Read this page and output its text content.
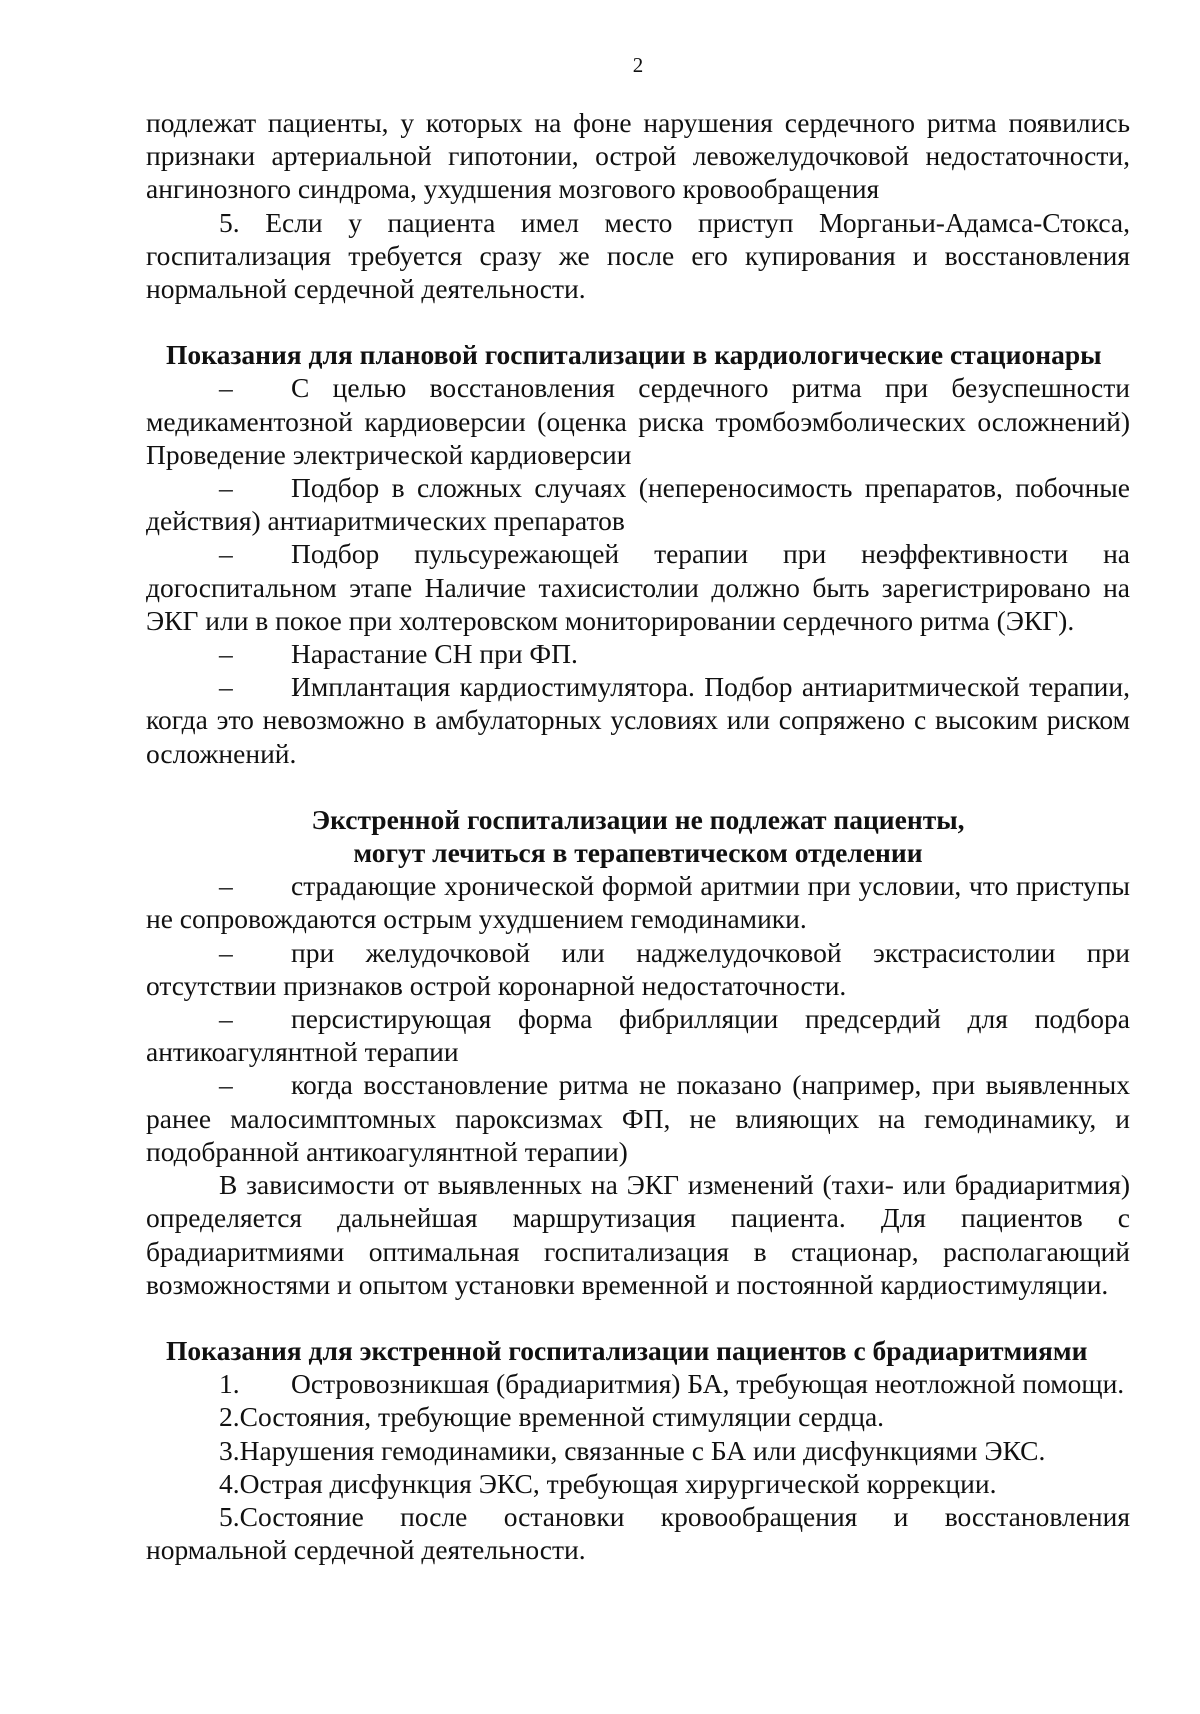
2

подлежат пациенты, у которых на фоне нарушения сердечного ритма появились признаки артериальной гипотонии, острой левожелудочковой недостаточности, ангинозного синдрома, ухудшения мозгового кровообращения

5. Если у пациента имел место приступ Морганьи-Адамса-Стокса, госпитализация требуется сразу же после его купирования и восстановления нормальной сердечной деятельности.

Показания для плановой госпитализации в кардиологические стационары

– С целью восстановления сердечного ритма при безуспешности медикаментозной кардиоверсии (оценка риска тромбоэмболических осложнений) Проведение электрической кардиоверсии

– Подбор в сложных случаях (непереносимость препаратов, побочные действия) антиаритмических препаратов

– Подбор пульсурежающей терапии при неэффективности на догоспитальном этапе Наличие тахисистолии должно быть зарегистрировано на ЭКГ или в покое при холтеровском мониторировании сердечного ритма (ЭКГ).

– Нарастание СН при ФП.

– Имплантация кардиостимулятора. Подбор антиаритмической терапии, когда это невозможно в амбулаторных условиях или сопряжено с высоким риском осложнений.

Экстренной госпитализации не подлежат пациенты,
могут лечиться в терапевтическом отделении

– страдающие хронической формой аритмии при условии, что приступы не сопровождаются острым ухудшением гемодинамики.

– при желудочковой или наджелудочковой экстрасистолии при отсутствии признаков острой коронарной недостаточности.

– персистирующая форма фибрилляции предсердий для подбора антикоагулянтной терапии

– когда восстановление ритма не показано (например, при выявленных ранее малосимптомных пароксизмах ФП, не влияющих на гемодинамику, и подобранной антикоагулянтной терапии)

В зависимости от выявленных на ЭКГ изменений (тахи- или брадиаритмия) определяется дальнейшая маршрутизация пациента. Для пациентов с брадиаритмиями оптимальная госпитализация в стационар, располагающий возможностями и опытом установки временной и постоянной кардиостимуляции.

Показания для экстренной госпитализации пациентов с брадиаритмиями

1. Островозникшая (брадиаритмия) БА, требующая неотложной помощи.

2.Состояния, требующие временной стимуляции сердца.

3.Нарушения гемодинамики, связанные с БА или дисфункциями ЭКС.

4.Острая дисфункция ЭКС, требующая хирургической коррекции.

5.Состояние после остановки кровообращения и восстановления нормальной сердечной деятельности.
